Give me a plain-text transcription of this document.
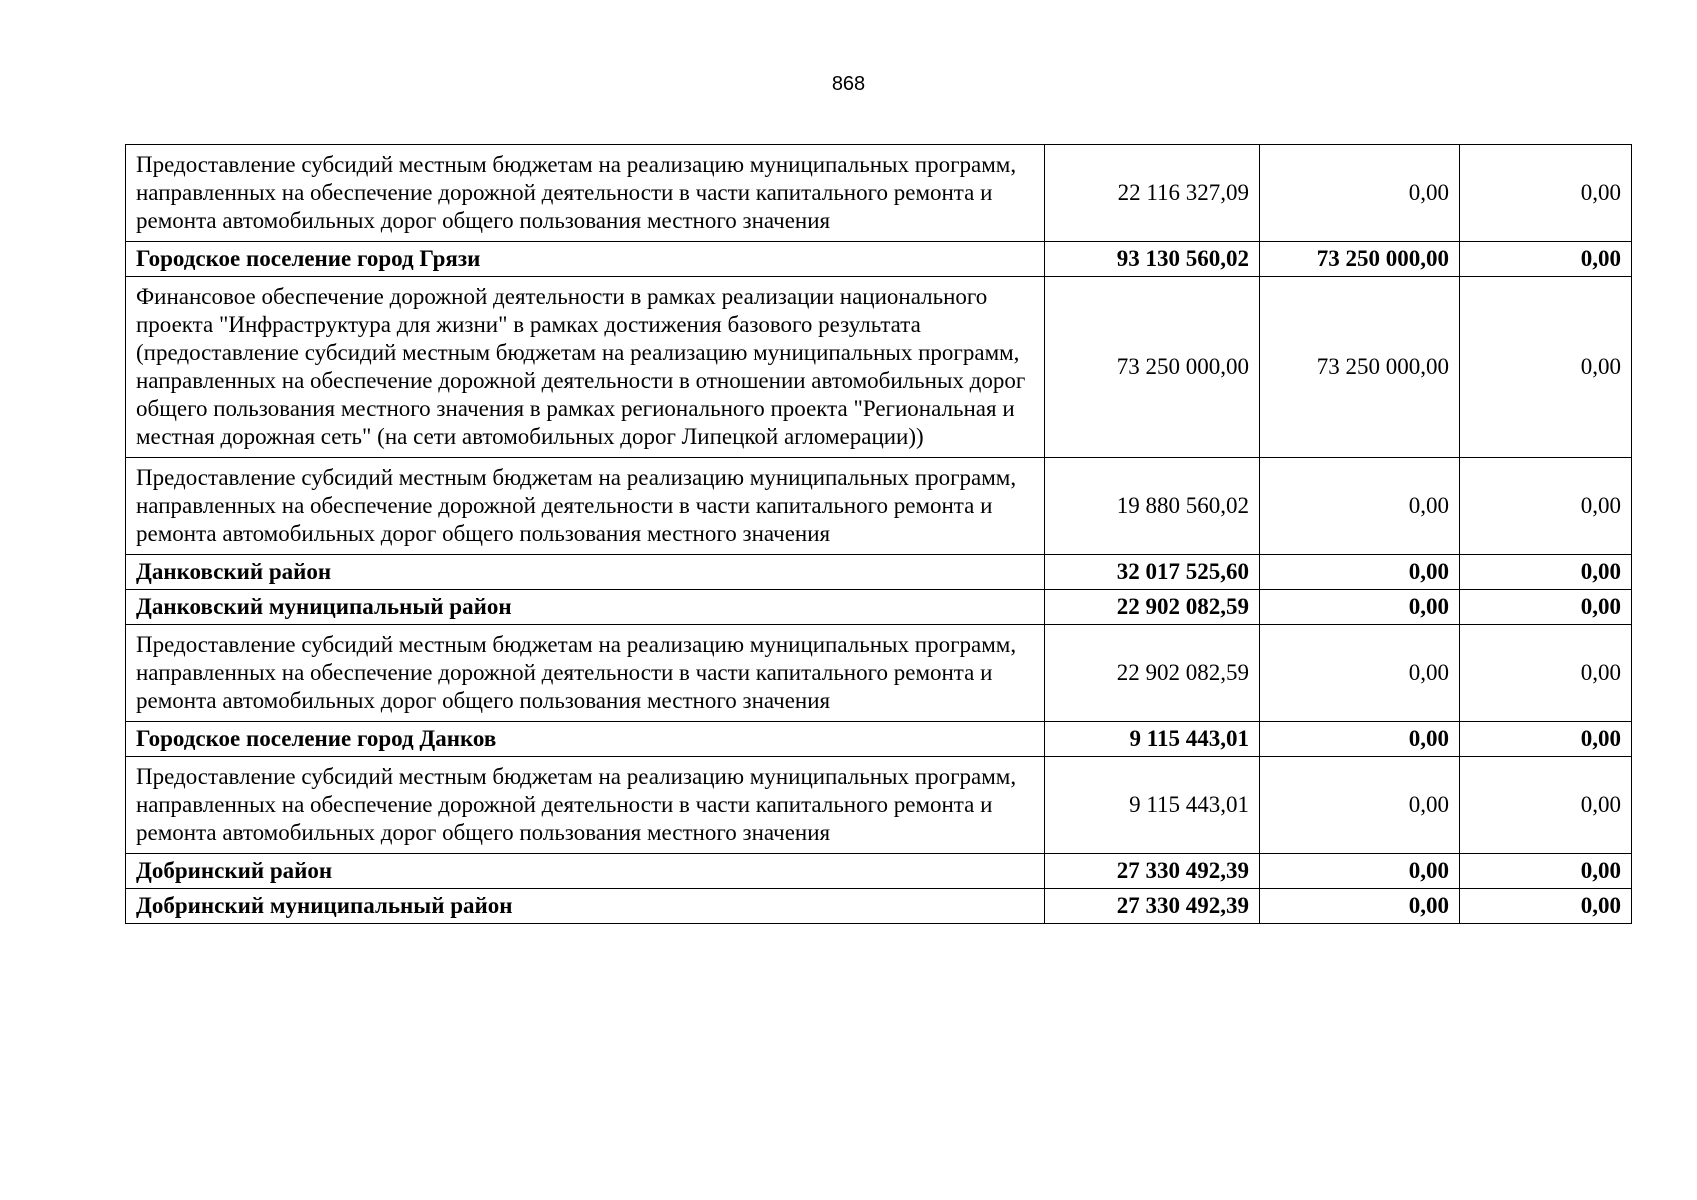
868
Предоставление субсидий местным бюджетам на реализацию муниципальных программ, направленных на обеспечение дорожной деятельности в части капитального ремонта и ремонта автомобильных дорог общего пользования местного значения	22 116 327,09	0,00	0,00
Городское поселение город Грязи	93 130 560,02	73 250 000,00	0,00
Финансовое обеспечение дорожной деятельности в рамках реализации национального проекта "Инфраструктура для жизни" в рамках достижения базового результата (предоставление субсидий местным бюджетам на реализацию муниципальных программ, направленных на обеспечение дорожной деятельности в отношении автомобильных дорог общего пользования местного значения в рамках регионального проекта "Региональная и местная дорожная сеть" (на сети автомобильных дорог Липецкой агломерации))	73 250 000,00	73 250 000,00	0,00
Предоставление субсидий местным бюджетам на реализацию муниципальных программ, направленных на обеспечение дорожной деятельности в части капитального ремонта и ремонта автомобильных дорог общего пользования местного значения	19 880 560,02	0,00	0,00
Данковский район	32 017 525,60	0,00	0,00
Данковский муниципальный район	22 902 082,59	0,00	0,00
Предоставление субсидий местным бюджетам на реализацию муниципальных программ, направленных на обеспечение дорожной деятельности в части капитального ремонта и ремонта автомобильных дорог общего пользования местного значения	22 902 082,59	0,00	0,00
Городское поселение город Данков	9 115 443,01	0,00	0,00
Предоставление субсидий местным бюджетам на реализацию муниципальных программ, направленных на обеспечение дорожной деятельности в части капитального ремонта и ремонта автомобильных дорог общего пользования местного значения	9 115 443,01	0,00	0,00
Добринский район	27 330 492,39	0,00	0,00
Добринский муниципальный район	27 330 492,39	0,00	0,00
